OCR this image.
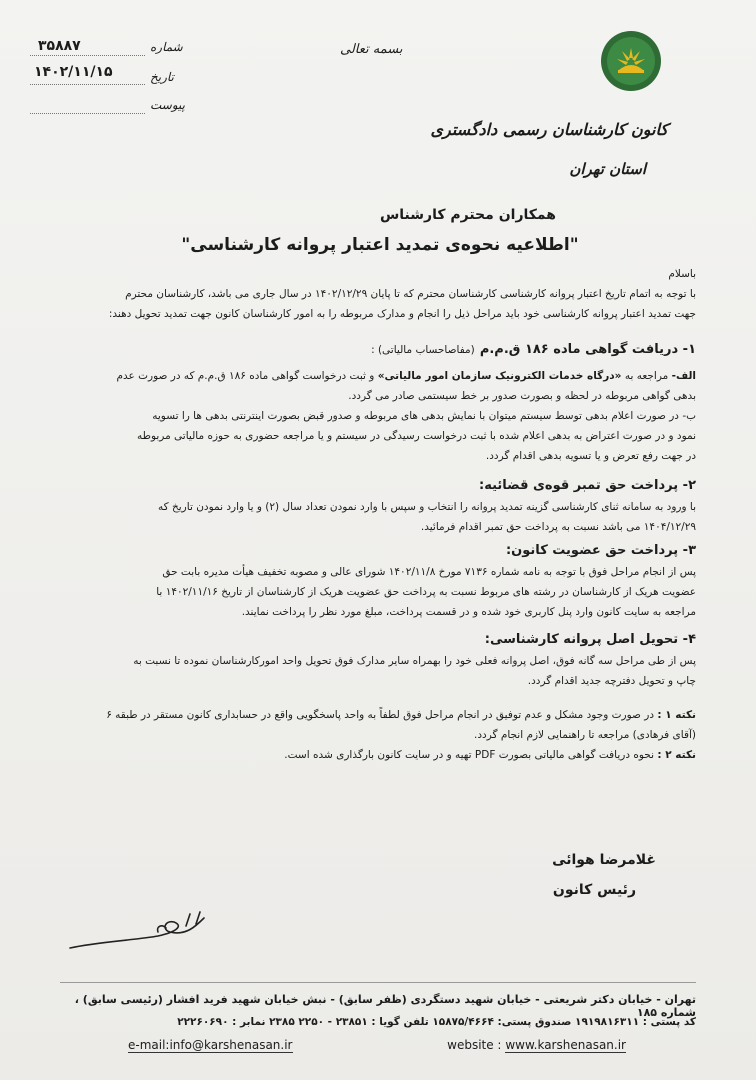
کانون کارشناسان رسمی دادگستری
استان تهران
بسمه تعالی
شماره
۳۵۸۸۷
تاریخ
۱۴۰۲/۱۱/۱۵
پیوست
همکاران محترم کارشناس
"اطلاعیه نحوه‌ی تمدید اعتبار پروانه کارشناسی"
باسلام
با توجه به اتمام تاریخ اعتبار پروانه کارشناسی کارشناسان محترم که تا پایان ۱۴۰۲/۱۲/۲۹ در سال جاری می باشد، کارشناسان محترم
جهت تمدید اعتبار پروانه کارشناسی خود باید مراحل ذیل را انجام و مدارک مربوطه را به امور کارشناسان کانون جهت تمدید تحویل دهند:
۱- دریافت گواهی ماده ۱۸۶ ق.م.م (مفاصاحساب مالیاتی) :
الف- مراجعه به «درگاه خدمات الکترونیک سازمان امور مالیاتی» و ثبت درخواست گواهی ماده ۱۸۶ ق.م.م که در صورت عدم
بدهی گواهی مربوطه در لحظه و بصورت صدور بر خط سیستمی صادر می گردد.
ب- در صورت اعلام بدهی توسط سیستم میتوان با نمایش بدهی های مربوطه و صدور قبض بصورت اینترنتی بدهی ها را تسویه
نمود و در صورت اعتراض به بدهی اعلام شده با ثبت درخواست رسیدگی در سیستم و یا مراجعه حضوری به حوزه مالیاتی مربوطه
در جهت رفع تعرض و یا تسویه بدهی اقدام گردد.
۲- پرداخت حق تمبر قوه‌ی قضائیه:
با ورود به سامانه ثنای کارشناسی گزینه تمدید پروانه را انتخاب و سپس با وارد نمودن تعداد سال (۲) و یا وارد نمودن تاریخ که
۱۴۰۴/۱۲/۲۹ می باشد نسبت به پرداخت حق تمبر اقدام فرمائید.
۳- پرداخت حق عضویت کانون:
پس از انجام مراحل فوق با توجه به نامه شماره ۷۱۳۶ مورخ ۱۴۰۲/۱۱/۸ شورای عالی و مصوبه تخفیف هیأت مدیره بابت حق
عضویت هریک از کارشناسان در رشته های مربوط نسبت به پرداخت حق عضویت هریک از کارشناسان از تاریخ ۱۴۰۲/۱۱/۱۶ با
مراجعه به سایت کانون وارد پنل کاربری خود شده و در قسمت پرداخت، مبلغ مورد نظر را پرداخت نمایند.
۴- تحویل اصل پروانه کارشناسی:
پس از طی مراحل سه گانه فوق، اصل پروانه فعلی خود را بهمراه سایر مدارک فوق تحویل واحد امورکارشناسان نموده تا نسبت به
چاپ و تحویل دفترچه جدید اقدام گردد.
نکته ۱ : در صورت وجود مشکل و عدم توفیق در انجام مراحل فوق لطفاً به واحد پاسخگویی واقع در حسابداری کانون مستقر در طبقه ۶
(آقای فرهادی) مراجعه تا راهنمایی لازم انجام گردد.
نکته ۲ : نحوه دریافت گواهی مالیاتی بصورت PDF تهیه و در سایت کانون بارگذاری شده است.
غلامرضا هوائی
رئیس کانون
تهران - خیابان دکتر شریعتی - خیابان شهید دستگردی (ظفر سابق) - نبش خیابان شهید فرید افشار (رئیسی سابق) ، شماره ۱۸۵
کد پستی : ۱۹۱۹۸۱۶۳۱۱ صندوق پستی: ۱۵۸۷۵/۴۶۶۴ تلفن گویا : ۲۳۸۵۱ - ۲۲۵۰ ۲۳۸۵ نمابر : ۲۲۲۶۰۶۹۰
website : www.karshenasan.ir
e-mail:info@karshenasan.ir
